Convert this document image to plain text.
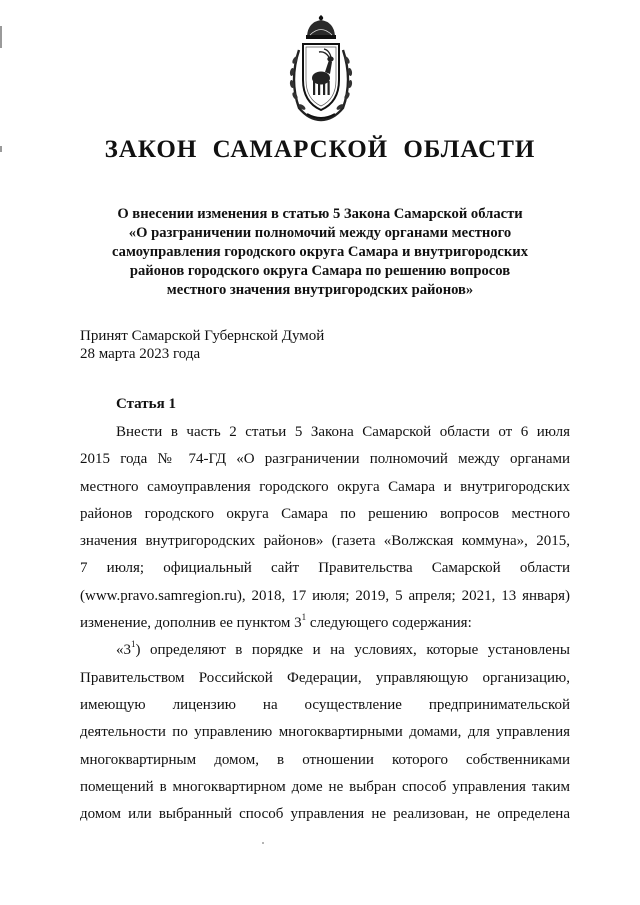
ЗАКОН САМАРСКОЙ ОБЛАСТИ
О внесении изменения в статью 5 Закона Самарской области
«О разграничении полномочий между органами местного
самоуправления городского округа Самара и внутригородских
районов городского округа Самара по решению вопросов
местного значения внутригородских районов»
Принят Самарской Губернской Думой
28 марта 2023 года
Статья 1
Внести в часть 2 статьи 5 Закона Самарской области от 6 июля
2015 года № 74-ГД «О разграничении полномочий между органами
местного самоуправления городского округа Самара и внутригородских
районов городского округа Самара по решению вопросов местного
значения внутригородских районов» (газета «Волжская коммуна», 2015,
7 июля; официальный сайт Правительства Самарской области
(www.pravo.samregion.ru), 2018, 17 июля; 2019, 5 апреля; 2021, 13 января)
изменение, дополнив ее пунктом $3^1$ следующего содержания:
«$3^1$) определяют в порядке и на условиях, которые установлены
Правительством Российской Федерации, управляющую организацию,
имеющую лицензию на осуществление предпринимательской
деятельности по управлению многоквартирными домами, для управления
многоквартирным домом, в отношении которого собственниками
помещений в многоквартирном доме не выбран способ управления таким
домом или выбранный способ управления не реализован, не определена
